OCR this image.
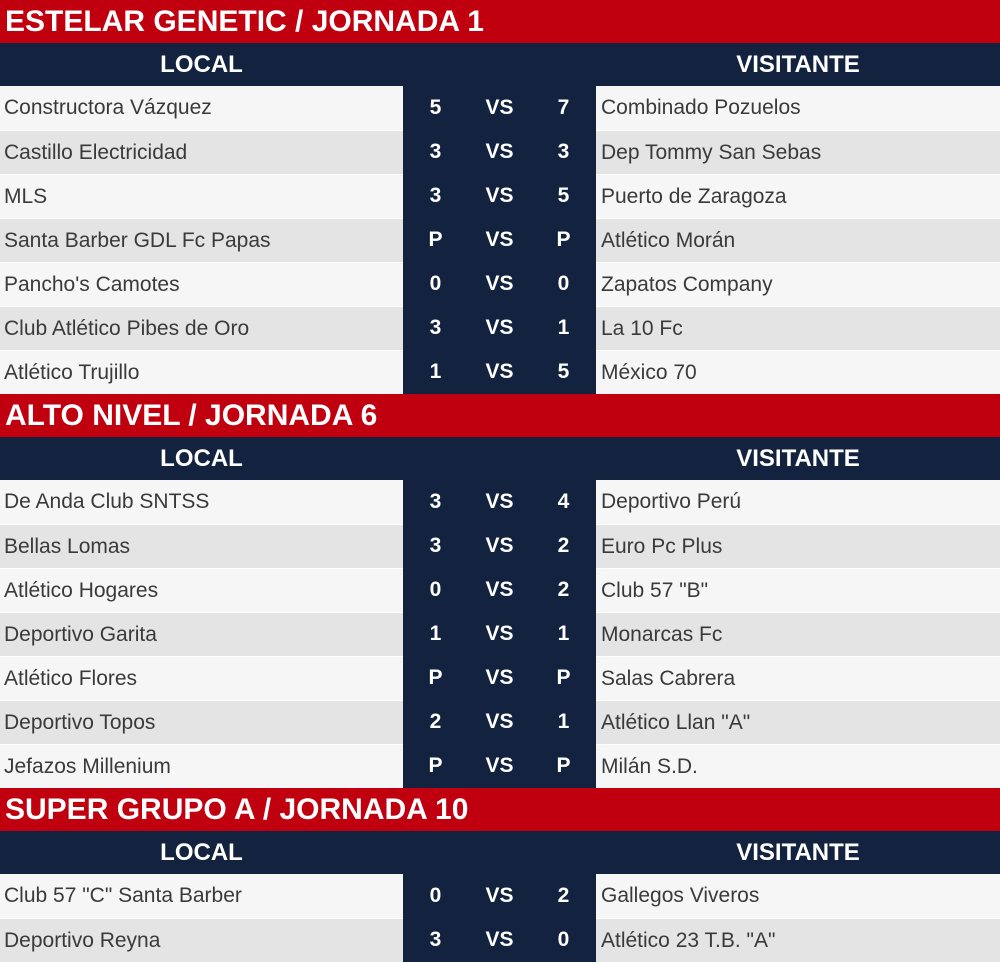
ESTELAR GENETIC / JORNADA 1
LOCAL	VISITANTE
Constructora Vázquez	5	VS	7	Combinado Pozuelos
Castillo Electricidad	3	VS	3	Dep Tommy San Sebas
MLS	3	VS	5	Puerto de Zaragoza
Santa Barber GDL Fc Papas	P	VS	P	Atlético Morán
Pancho's Camotes	0	VS	0	Zapatos Company
Club Atlético Pibes de Oro	3	VS	1	La 10 Fc
Atlético Trujillo	1	VS	5	México 70
ALTO NIVEL / JORNADA 6
LOCAL	VISITANTE
De Anda Club SNTSS	3	VS	4	Deportivo Perú
Bellas Lomas	3	VS	2	Euro Pc Plus
Atlético Hogares	0	VS	2	Club 57 "B"
Deportivo Garita	1	VS	1	Monarcas Fc
Atlético Flores	P	VS	P	Salas Cabrera
Deportivo Topos	2	VS	1	Atlético Llan "A"
Jefazos Millenium	P	VS	P	Milán S.D.
SUPER GRUPO A / JORNADA 10
LOCAL	VISITANTE
Club 57 "C" Santa Barber	0	VS	2	Gallegos Viveros
Deportivo Reyna	3	VS	0	Atlético 23 T.B. "A"
